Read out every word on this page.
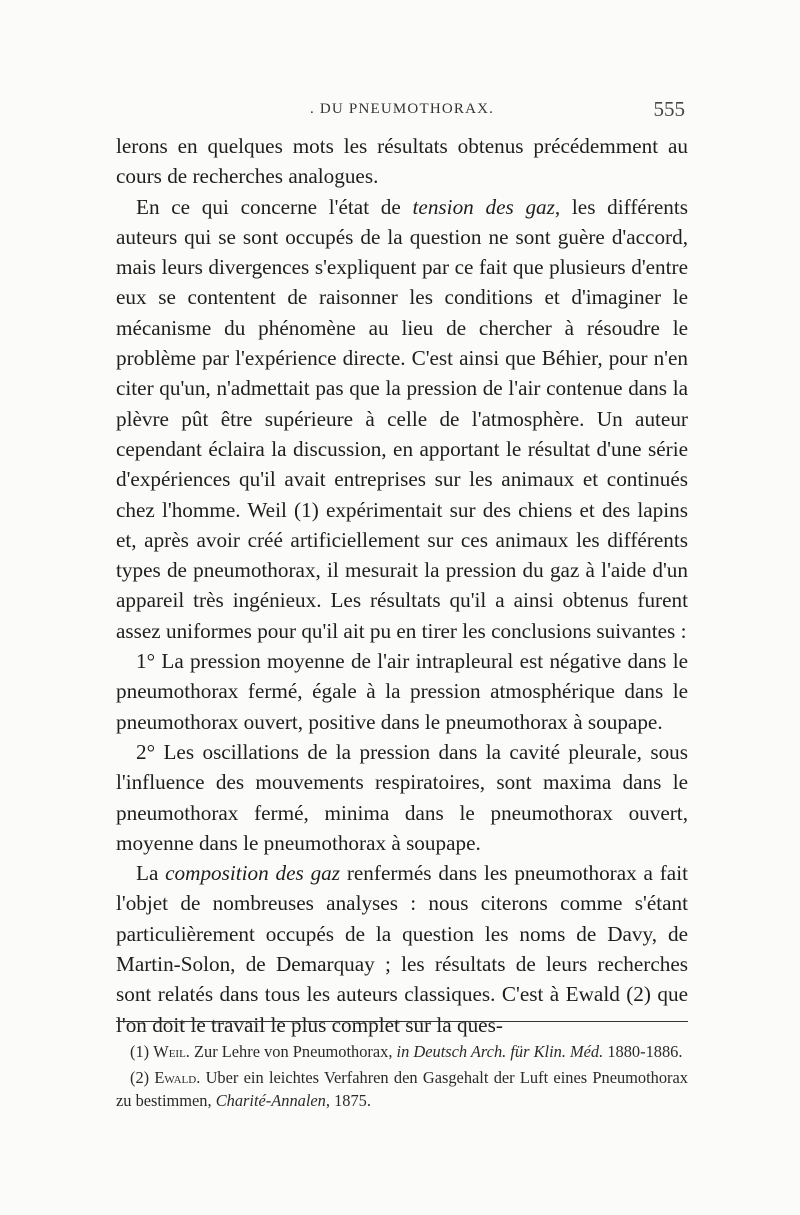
. DU PNEUMOTHORAX.	555

lerons en quelques mots les résultats obtenus précédemment au cours de recherches analogues.

En ce qui concerne l'état de tension des gaz, les différents auteurs qui se sont occupés de la question ne sont guère d'accord, mais leurs divergences s'expliquent par ce fait que plusieurs d'entre eux se contentent de raisonner les conditions et d'imaginer le mécanisme du phénomène au lieu de chercher à résoudre le problème par l'expérience directe. C'est ainsi que Béhier, pour n'en citer qu'un, n'admettait pas que la pression de l'air contenue dans la plèvre pût être supérieure à celle de l'atmosphère. Un auteur cependant éclaira la discussion, en apportant le résultat d'une série d'expériences qu'il avait entreprises sur les animaux et continués chez l'homme. Weil (1) expérimentait sur des chiens et des lapins et, après avoir créé artificiellement sur ces animaux les différents types de pneumothorax, il mesurait la pression du gaz à l'aide d'un appareil très ingénieux. Les résultats qu'il a ainsi obtenus furent assez uniformes pour qu'il ait pu en tirer les conclusions suivantes :

1° La pression moyenne de l'air intrapleural est négative dans le pneumothorax fermé, égale à la pression atmosphérique dans le pneumothorax ouvert, positive dans le pneumothorax à soupape.

2° Les oscillations de la pression dans la cavité pleurale, sous l'influence des mouvements respiratoires, sont maxima dans le pneumothorax fermé, minima dans le pneumothorax ouvert, moyenne dans le pneumothorax à soupape.

La composition des gaz renfermés dans les pneumothorax a fait l'objet de nombreuses analyses : nous citerons comme s'étant particulièrement occupés de la question les noms de Davy, de Martin-Solon, de Demarquay ; les résultats de leurs recherches sont relatés dans tous les auteurs classiques. C'est à Ewald (2) que l'on doit le travail le plus complet sur la ques-

(1) Weil. Zur Lehre von Pneumothorax, in Deutsch Arch. für Klin. Méd. 1880-1886.

(2) Ewald. Uber ein leichtes Verfahren den Gasgehalt der Luft eines Pneumothorax zu bestimmen, Charité-Annalen, 1875.
